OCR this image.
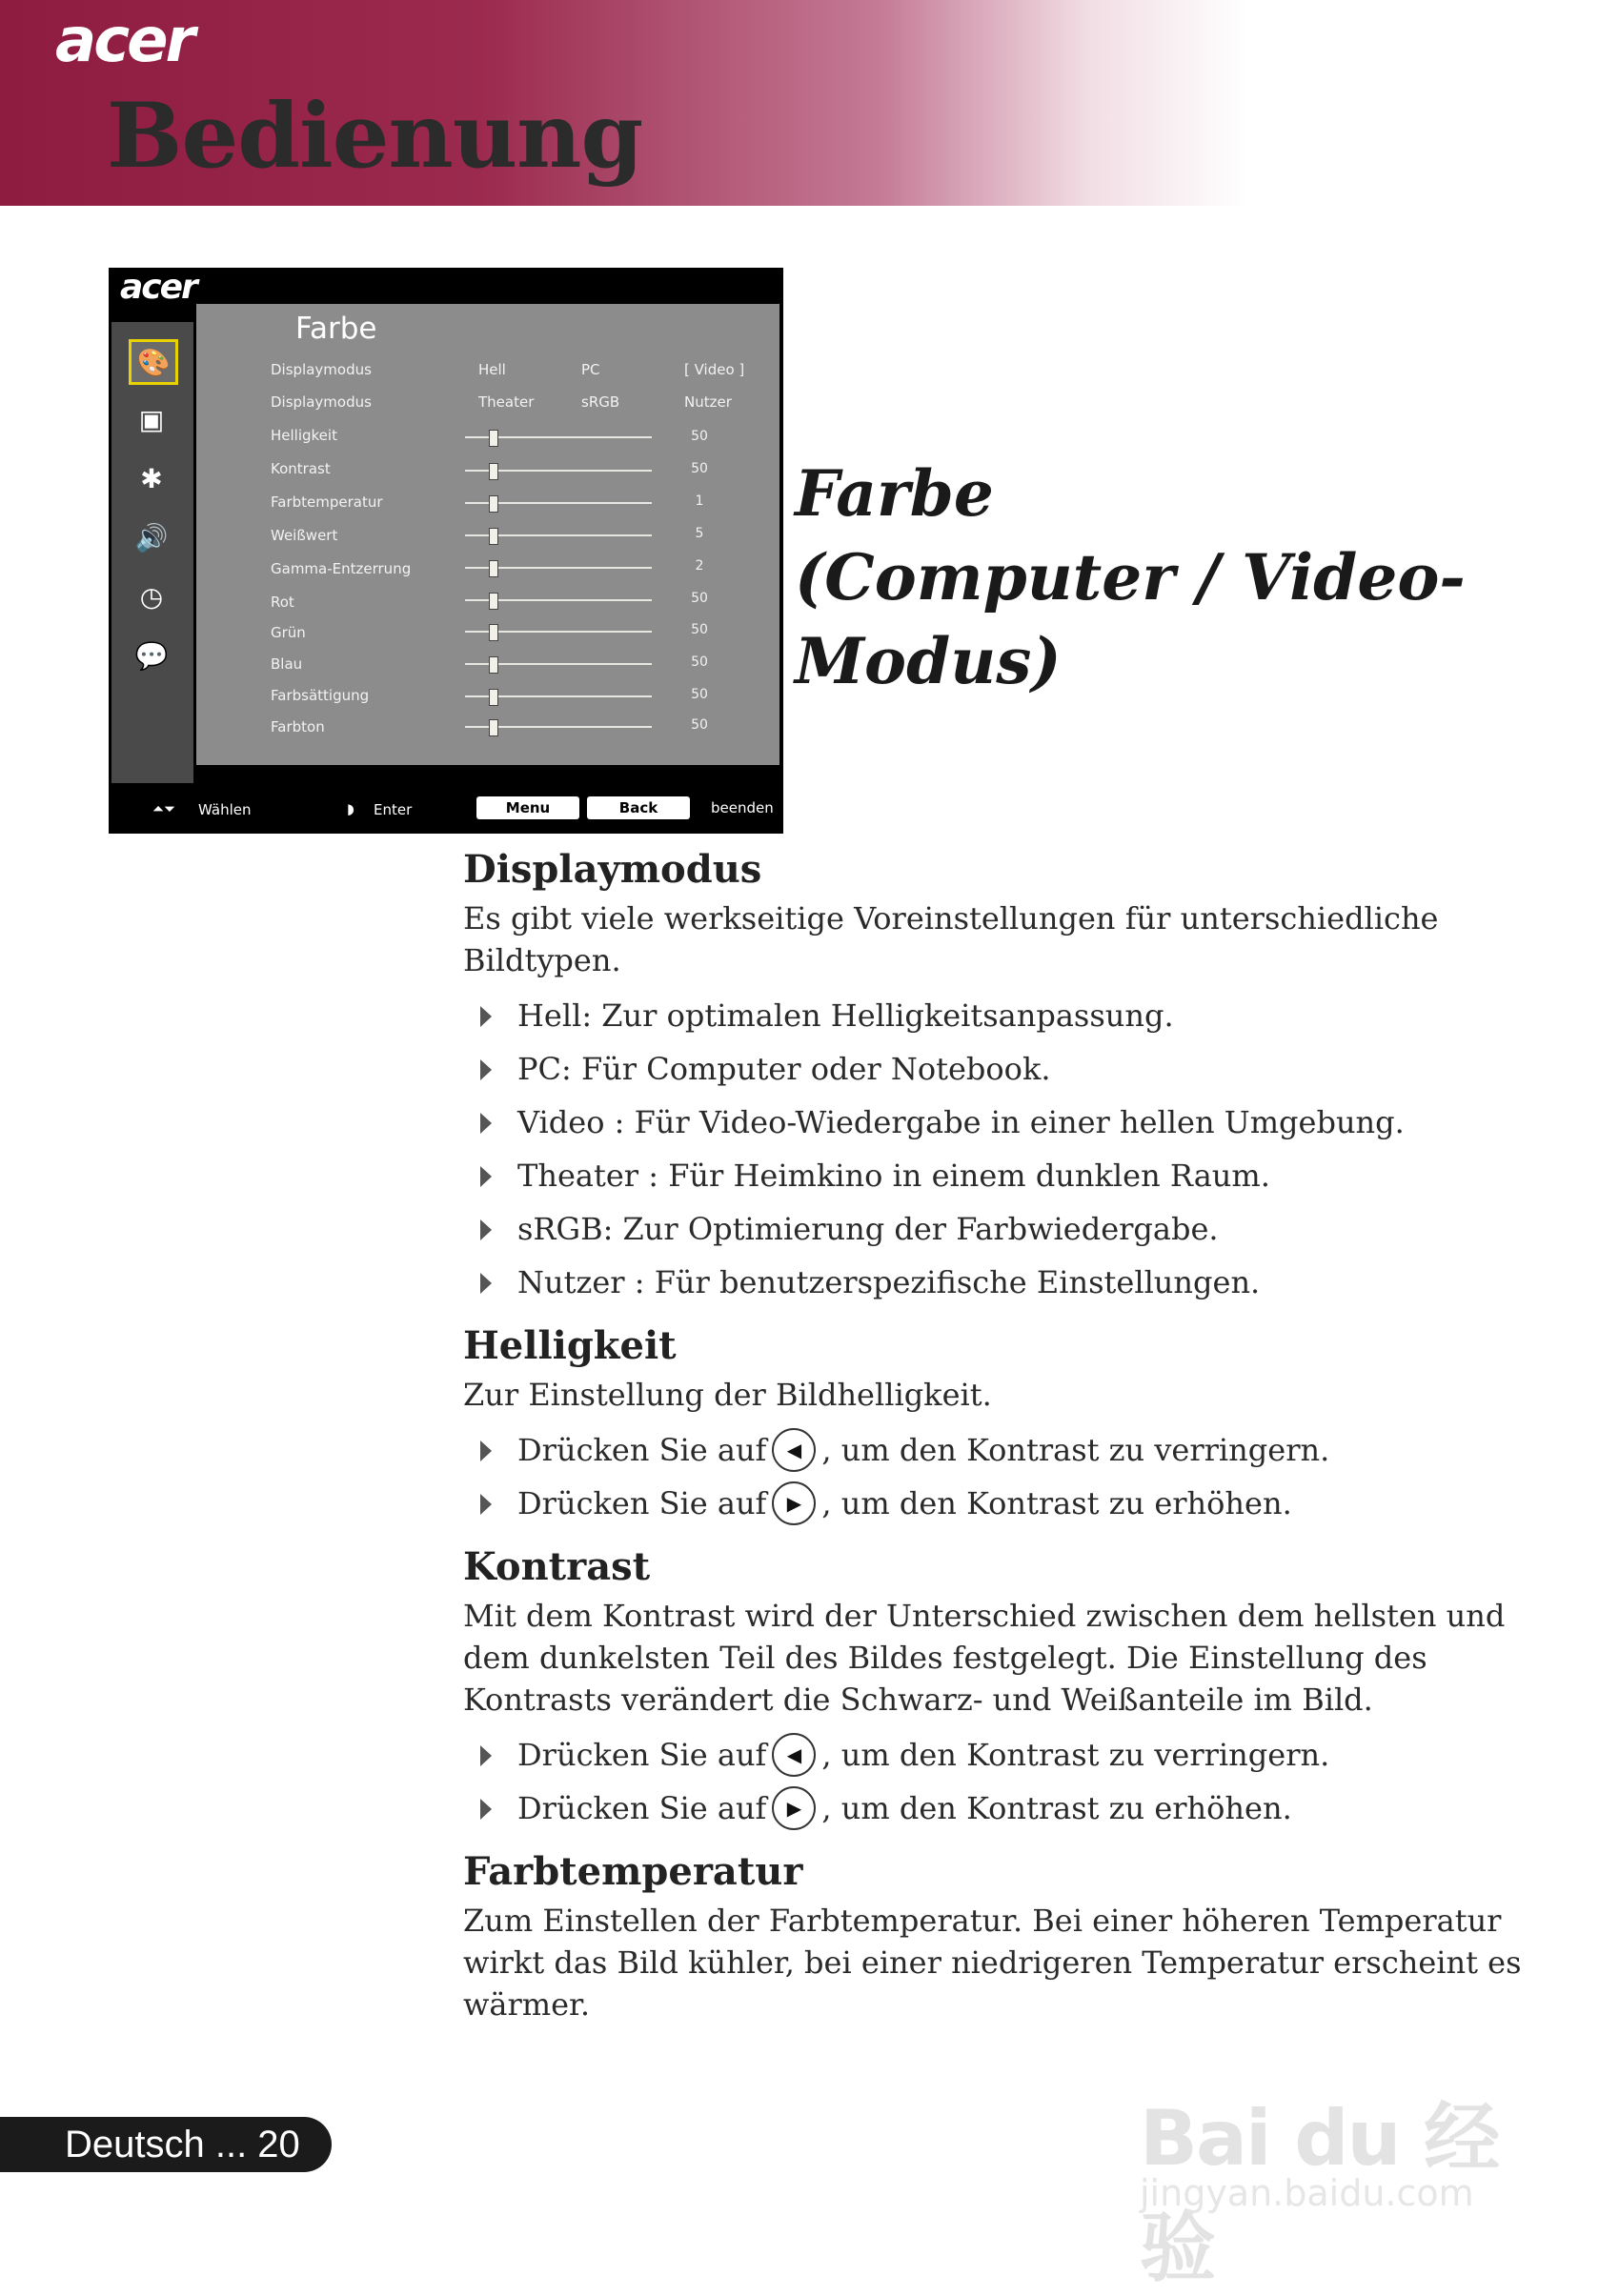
acer
Bedienung
acer
🎨
▣
✱
🔊
◷
💬
Farbe
Displaymodus	Hell	PC	[ Video ]
Displaymodus	Theater	sRGB	Nutzer
Helligkeit	50
Kontrast	50
Farbtemperatur	1
Weißwert	5
Gamma-Entzerrung	2
Rot	50
Grün	50
Blau	50
Farbsättigung	50
Farbton	50
⏶⏷ Wählen	◗ Enter	Menu	Back	beenden
Farbe
(Computer / Video-
Modus)
Displaymodus

Es gibt viele werkseitige Voreinstellungen für unterschiedliche Bildtypen.

Hell: Zur optimalen Helligkeitsanpassung.
PC: Für Computer oder Notebook.
Video : Für Video-Wiedergabe in einer hellen Umgebung.
Theater : Für Heimkino in einem dunklen Raum.
sRGB: Zur Optimierung der Farbwiedergabe.
Nutzer : Für benutzerspezifische Einstellungen.
Helligkeit

Zur Einstellung der Bildhelligkeit.

Drücken Sie auf ◀ , um den Kontrast zu verringern.
Drücken Sie auf ▶ , um den Kontrast zu erhöhen.
Kontrast

Mit dem Kontrast wird der Unterschied zwischen dem hellsten und dem dunkelsten Teil des Bildes festgelegt. Die Einstellung des Kontrasts verändert die Schwarz- und Weißanteile im Bild.

Drücken Sie auf ◀ , um den Kontrast zu verringern.
Drücken Sie auf ▶ , um den Kontrast zu erhöhen.
Farbtemperatur

Zum Einstellen der Farbtemperatur. Bei einer höheren Temperatur wirkt das Bild kühler, bei einer niedrigeren Temperatur erscheint es wärmer.

Deutsch ... 20	Bai du 经验
jingyan.baidu.com
